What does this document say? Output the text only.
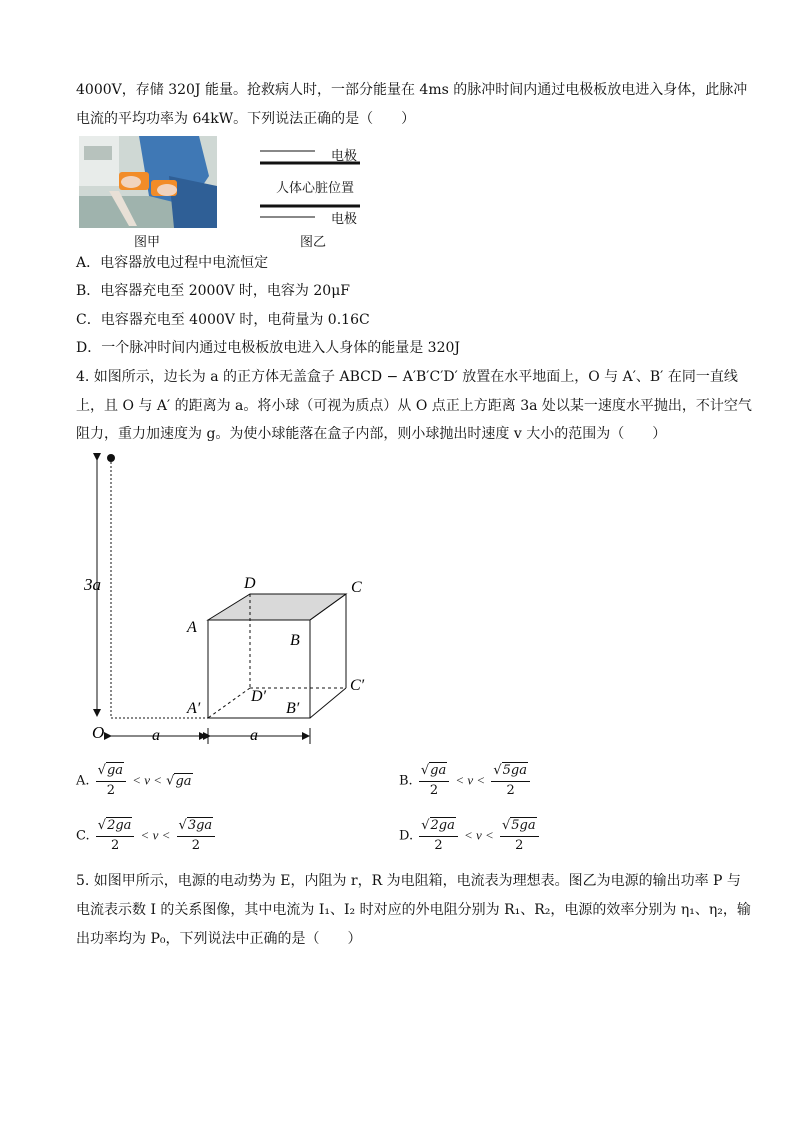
4000V，存储 320J 能量。抢救病人时，一部分能量在 4ms 的脉冲时间内通过电极板放电进入身体，此脉冲
电流的平均功率为 64kW。下列说法正确的是（　　）
图甲
电极
人体心脏位置
电极
图乙
A．电容器放电过程中电流恒定
B．电容器充电至 2000V 时，电容为 20μF
C．电容器充电至 4000V 时，电荷量为 0.16C
D．一个脉冲时间内通过电极板放电进入人身体的能量是 320J
4. 如图所示，边长为 a 的正方体无盖盒子 ABCD − A′B′C′D′ 放置在水平地面上，O 与 A′、B′ 在同一直线
上，且 O 与 A′ 的距离为 a。将小球（可视为质点）从 O 点正上方距离 3a 处以某一速度水平抛出，不计空气
阻力，重力加速度为 g。为使小球能落在盒子内部，则小球抛出时速度 v 大小的范围为（　　）
3a	D	C
A
B
C′
D′
A′	B′
O	a	a
A. $\frac{√ga}{2} < v < √ga$	B. $\frac{√ga}{2} < v < \frac{√5ga}{2}$
C. $\frac{√2ga}{2} < v < \frac{√3ga}{2}$	D. $\frac{√2ga}{2} < v < \frac{√5ga}{2}$
5. 如图甲所示，电源的电动势为 E，内阻为 r，R 为电阻箱，电流表为理想表。图乙为电源的输出功率 P 与
电流表示数 I 的关系图像，其中电流为 I₁、I₂ 时对应的外电阻分别为 R₁、R₂，电源的效率分别为 η₁、η₂，输
出功率均为 P₀，下列说法中正确的是（　　）
